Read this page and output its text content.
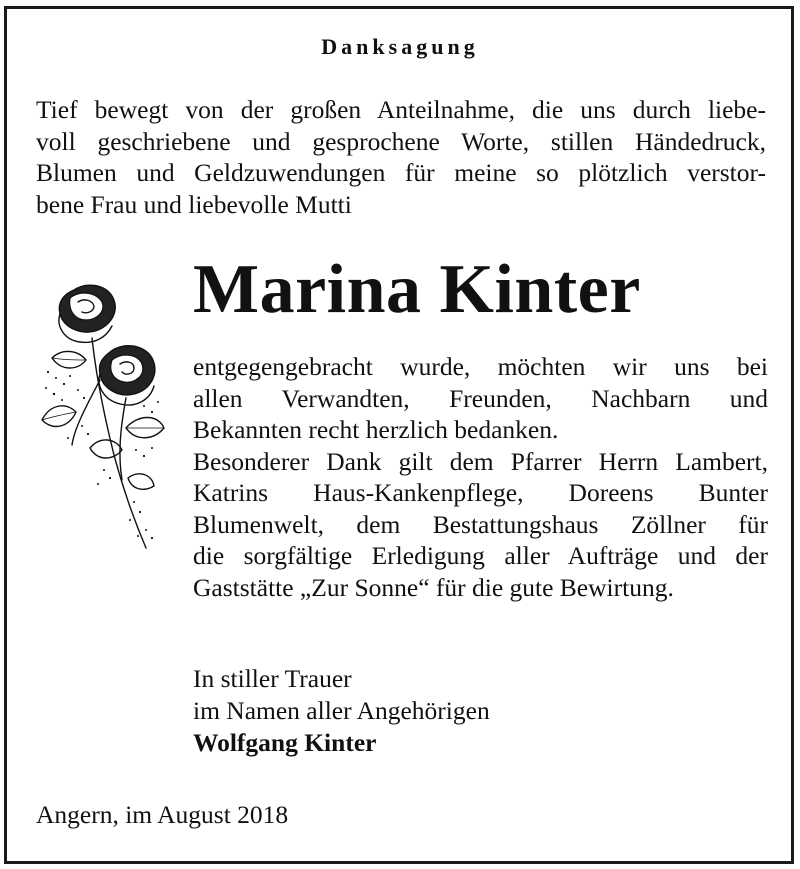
Danksagung
Tief bewegt von der großen Anteilnahme, die uns durch liebe-
voll geschriebene und gesprochene Worte, stillen Händedruck,
Blumen und Geldzuwendungen für meine so plötzlich verstor-
bene Frau und liebevolle Mutti
Marina Kinter
entgegengebracht wurde, möchten wir uns bei
allen Verwandten, Freunden, Nachbarn und
Bekannten recht herzlich bedanken.
Besonderer Dank gilt dem Pfarrer Herrn Lambert,
Katrins Haus-Kankenpflege, Doreens Bunter
Blumenwelt, dem Bestattungshaus Zöllner für
die sorgfältige Erledigung aller Aufträge und der
Gaststätte „Zur Sonne“ für die gute Bewirtung.
In stiller Trauer
im Namen aller Angehörigen
Wolfgang Kinter
Angern, im August 2018
